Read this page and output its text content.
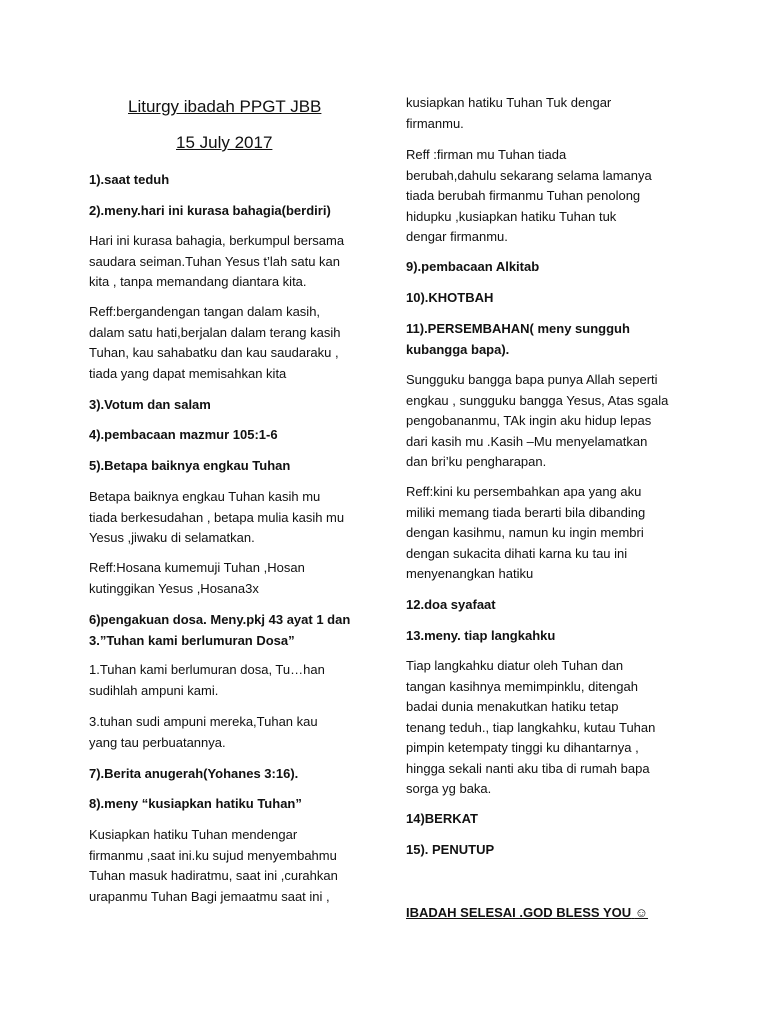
Liturgy ibadah PPGT JBB
15 July 2017
1).saat teduh
2).meny.hari ini kurasa bahagia(berdiri)
Hari ini kurasa bahagia, berkumpul bersama
saudara seiman.Tuhan Yesus t’lah satu kan
kita , tanpa memandang diantara kita.
Reff:bergandengan tangan dalam kasih,
dalam satu hati,berjalan dalam terang kasih
Tuhan, kau sahabatku dan kau saudaraku ,
tiada yang dapat memisahkan kita
3).Votum dan salam
4).pembacaan mazmur 105:1-6
5).Betapa baiknya engkau Tuhan
Betapa baiknya engkau Tuhan kasih mu
tiada berkesudahan , betapa mulia kasih mu
Yesus ,jiwaku di selamatkan.
Reff:Hosana kumemuji Tuhan ,Hosan
kutinggikan Yesus ,Hosana3x
6)pengakuan dosa. Meny.pkj 43 ayat 1 dan
3.”Tuhan kami berlumuran Dosa”
1.Tuhan kami berlumuran dosa, Tu…han
sudihlah ampuni kami.
3.tuhan sudi ampuni mereka,Tuhan kau
yang tau perbuatannya.
7).Berita anugerah(Yohanes 3:16).
8).meny “kusiapkan hatiku Tuhan”
Kusiapkan hatiku Tuhan mendengar
firmanmu ,saat ini.ku sujud menyembahmu
Tuhan masuk hadiratmu, saat ini ,curahkan
urapanmu Tuhan Bagi jemaatmu saat ini ,
kusiapkan hatiku Tuhan Tuk dengar
firmanmu.
Reff :firman mu Tuhan tiada
berubah,dahulu sekarang selama lamanya
tiada berubah firmanmu Tuhan penolong
hidupku ,kusiapkan hatiku Tuhan tuk
dengar firmanmu.
9).pembacaan Alkitab
10).KHOTBAH
11).PERSEMBAHAN( meny sungguh
kubangga bapa).
Sungguku bangga bapa punya Allah seperti
engkau , sungguku bangga Yesus, Atas sgala
pengobananmu, TAk ingin aku hidup lepas
dari kasih mu .Kasih –Mu menyelamatkan
dan bri’ku pengharapan.
Reff:kini ku persembahkan apa yang aku
miliki memang tiada berarti bila dibanding
dengan kasihmu, namun ku ingin membri
dengan sukacita dihati karna ku tau ini
menyenangkan hatiku
12.doa syafaat
13.meny. tiap langkahku
Tiap langkahku diatur oleh Tuhan dan
tangan kasihnya memimpinklu, ditengah
badai dunia menakutkan hatiku tetap
tenang teduh., tiap langkahku, kutau Tuhan
pimpin ketempaty tinggi ku dihantarnya ,
hingga sekali nanti aku tiba di rumah bapa
sorga yg baka.
14)BERKAT
15). PENUTUP
IBADAH SELESAI .GOD BLESS YOU ☺
